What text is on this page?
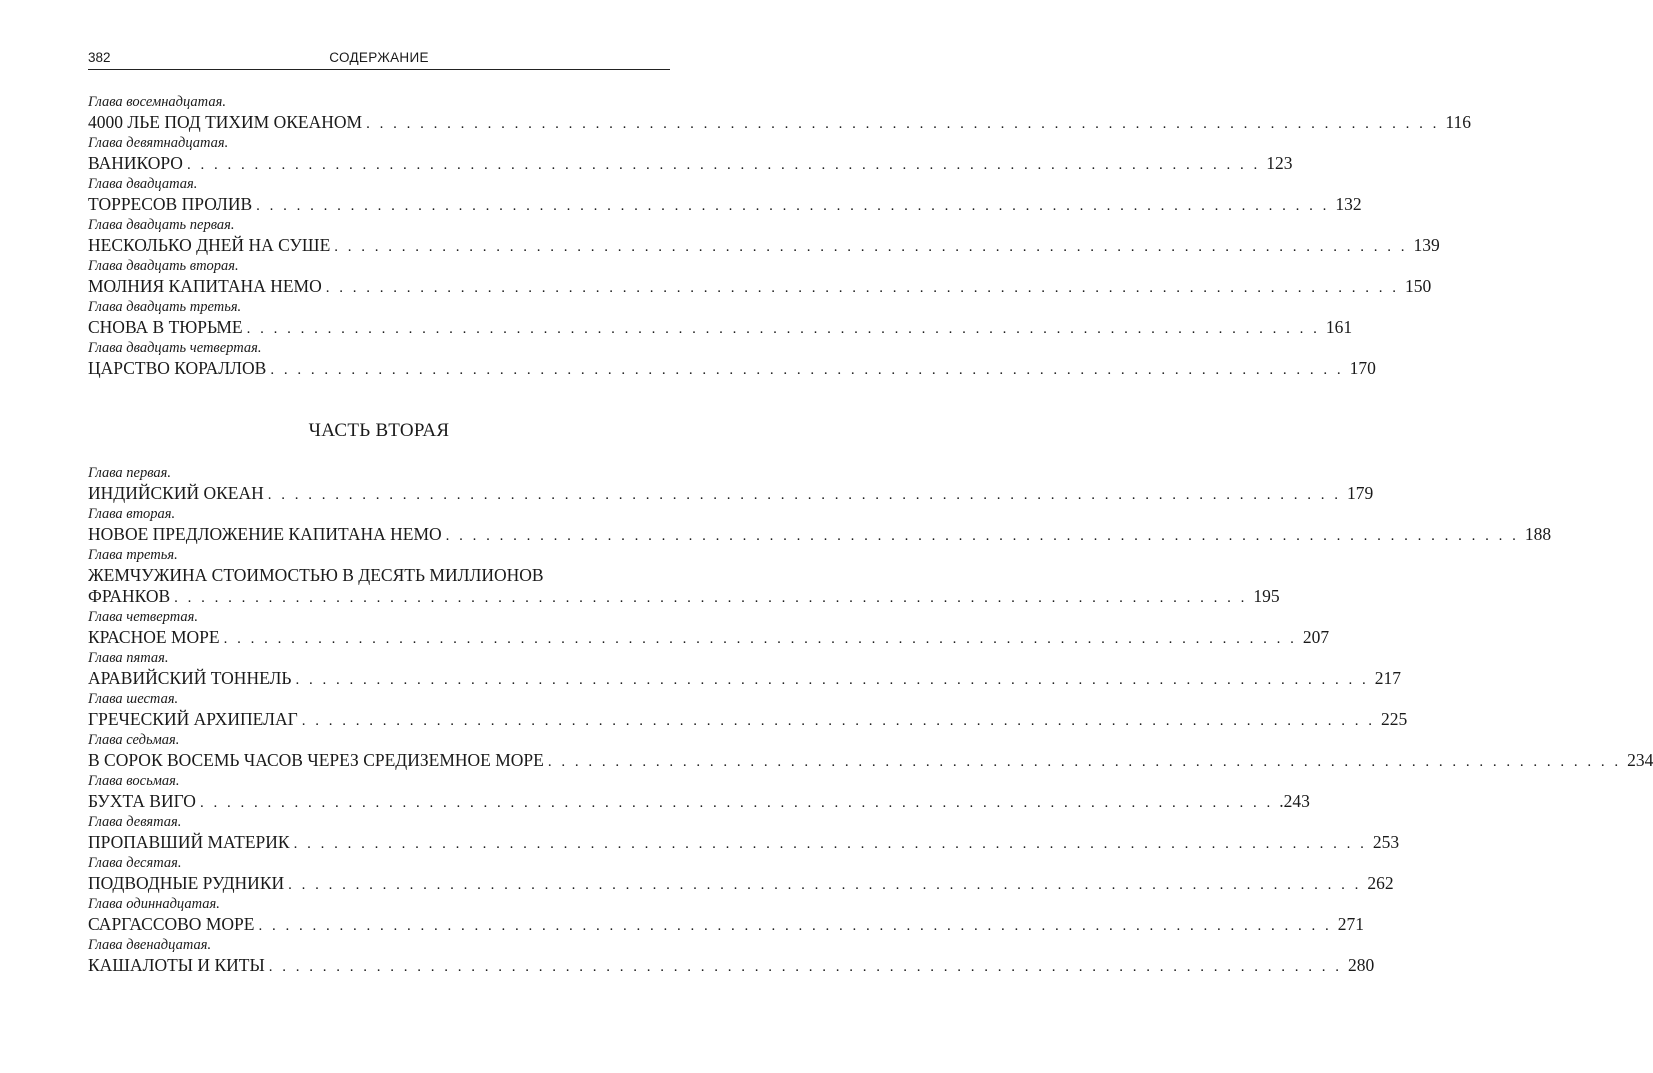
382	СОДЕРЖАНИЕ
Глава восемнадцатая.
4000 ЛЬЕ ПОД ТИХИМ ОКЕАНОМ . . . . . . . . . . . . . . . . . . . . . . . . . . . . . . . . . . . . . . . . . . . . . . . . . . . . . . . . . . . . . . . . . . . . . . . . . . . . . . . . 116
Глава девятнадцатая.
ВАНИКОРО . . . . . . . . . . . . . . . . . . . . . . . . . . . . . . . . . . . . . . . . . . . . . . . . . . . . . . . . . . . . . . . . . . . . . . . . . . . . . . . . 123
Глава двадцатая.
ТОРРЕСОВ ПРОЛИВ . . . . . . . . . . . . . . . . . . . . . . . . . . . . . . . . . . . . . . . . . . . . . . . . . . . . . . . . . . . . . . . . . . . . . . . . . . . . . . . . 132
Глава двадцать первая.
НЕСКОЛЬКО ДНЕЙ НА СУШЕ . . . . . . . . . . . . . . . . . . . . . . . . . . . . . . . . . . . . . . . . . . . . . . . . . . . . . . . . . . . . . . . . . . . . . . . . . . . . . . . . 139
Глава двадцать вторая.
МОЛНИЯ КАПИТАНА НЕМО . . . . . . . . . . . . . . . . . . . . . . . . . . . . . . . . . . . . . . . . . . . . . . . . . . . . . . . . . . . . . . . . . . . . . . . . . . . . . . . . 150
Глава двадцать третья.
СНОВА В ТЮРЬМЕ . . . . . . . . . . . . . . . . . . . . . . . . . . . . . . . . . . . . . . . . . . . . . . . . . . . . . . . . . . . . . . . . . . . . . . . . . . . . . . . . 161
Глава двадцать четвертая.
ЦАРСТВО КОРАЛЛОВ . . . . . . . . . . . . . . . . . . . . . . . . . . . . . . . . . . . . . . . . . . . . . . . . . . . . . . . . . . . . . . . . . . . . . . . . . . . . . . . . 170
ЧАСТЬ ВТОРАЯ
Глава первая.
ИНДИЙСКИЙ ОКЕАН . . . . . . . . . . . . . . . . . . . . . . . . . . . . . . . . . . . . . . . . . . . . . . . . . . . . . . . . . . . . . . . . . . . . . . . . . . . . . . . . 179
Глава вторая.
НОВОЕ ПРЕДЛОЖЕНИЕ КАПИТАНА НЕМО . . . . . . . . . . . . . . . . . . . . . . . . . . . . . . . . . . . . . . . . . . . . . . . . . . . . . . . . . . . . . . . . . . . . . . . . . . . . . . . . 188
Глава третья.
ЖЕМЧУЖИНА СТОИМОСТЬЮ В ДЕСЯТЬ МИЛЛИОНОВ
ФРАНКОВ . . . . . . . . . . . . . . . . . . . . . . . . . . . . . . . . . . . . . . . . . . . . . . . . . . . . . . . . . . . . . . . . . . . . . . . . . . . . . . . . 195
Глава четвертая.
КРАСНОЕ МОРЕ . . . . . . . . . . . . . . . . . . . . . . . . . . . . . . . . . . . . . . . . . . . . . . . . . . . . . . . . . . . . . . . . . . . . . . . . . . . . . . . . 207
Глава пятая.
АРАВИЙСКИЙ ТОННЕЛЬ . . . . . . . . . . . . . . . . . . . . . . . . . . . . . . . . . . . . . . . . . . . . . . . . . . . . . . . . . . . . . . . . . . . . . . . . . . . . . . . . 217
Глава шестая.
ГРЕЧЕСКИЙ АРХИПЕЛАГ . . . . . . . . . . . . . . . . . . . . . . . . . . . . . . . . . . . . . . . . . . . . . . . . . . . . . . . . . . . . . . . . . . . . . . . . . . . . . . . . 225
Глава седьмая.
В СОРОК ВОСЕМЬ ЧАСОВ ЧЕРЕЗ СРЕДИЗЕМНОЕ МОРЕ . . . . . . . . . . . . . . . . . . . . . . . . . . . . . . . . . . . . . . . . . . . . . . . . . . . . . . . . . . . . . . . . . . . . . . . . . . . . . . . . 234
Глава восьмая.
БУХТА ВИГО . . . . . . . . . . . . . . . . . . . . . . . . . . . . . . . . . . . . . . . . . . . . . . . . . . . . . . . . . . . . . . . . . . . . . . . . . . . . . . . . .243
Глава девятая.
ПРОПАВШИЙ МАТЕРИК . . . . . . . . . . . . . . . . . . . . . . . . . . . . . . . . . . . . . . . . . . . . . . . . . . . . . . . . . . . . . . . . . . . . . . . . . . . . . . . . 253
Глава десятая.
ПОДВОДНЫЕ РУДНИКИ . . . . . . . . . . . . . . . . . . . . . . . . . . . . . . . . . . . . . . . . . . . . . . . . . . . . . . . . . . . . . . . . . . . . . . . . . . . . . . . . 262
Глава одиннадцатая.
САРГАССОВО МОРЕ . . . . . . . . . . . . . . . . . . . . . . . . . . . . . . . . . . . . . . . . . . . . . . . . . . . . . . . . . . . . . . . . . . . . . . . . . . . . . . . . 271
Глава двенадцатая.
КАШАЛОТЫ И КИТЫ . . . . . . . . . . . . . . . . . . . . . . . . . . . . . . . . . . . . . . . . . . . . . . . . . . . . . . . . . . . . . . . . . . . . . . . . . . . . . . . . 280
